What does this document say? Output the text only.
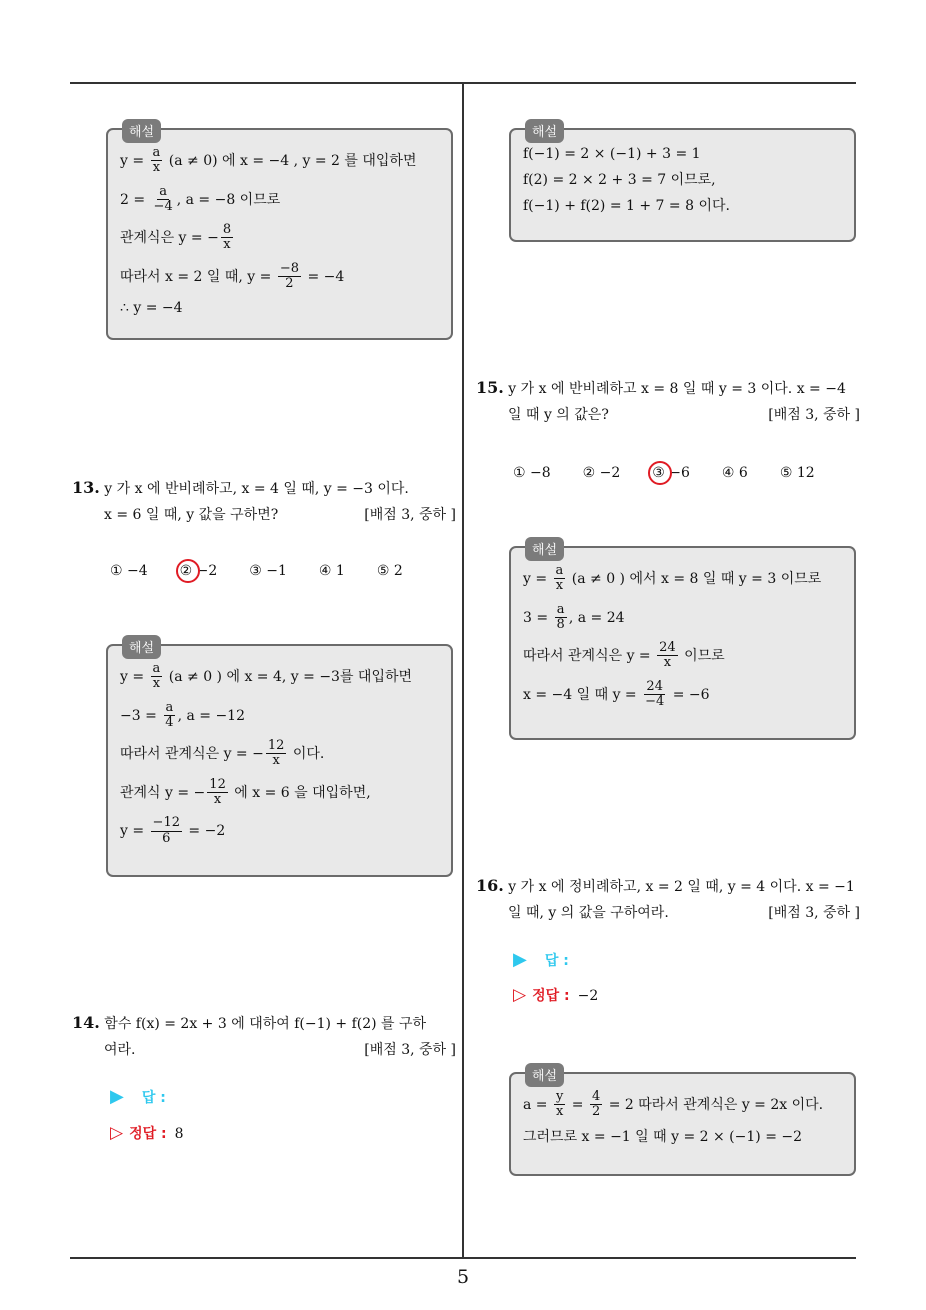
해설
$y = \frac{a}{x} (a \ne 0)$ 에 x = −4 , y = 2 를 대입하면
$2 = \frac{a}{-4}$ , a = −8 이므로
관계식은 y = − $\frac{8}{x}$
따라서 x = 2 일 때, $y = \frac{-8}{2} = -4$
∴ y = −4
13. y 가 x 에 반비례하고, x = 4 일 때, y = −3 이다.
x = 6 일 때, y 값을 구하면?	[배점 3, 중하 ]
① −4 ② −2 ③ −1 ④ 1 ⑤ 2
해설
$y = \frac{a}{x} (a \ne 0$ ) 에 x = 4, y = −3를 대입하면
$-3 = \frac{a}{4}$ , a = −12
따라서 관계식은 y = − $\frac{12}{x}$ 이다.
관계식 y = − $\frac{12}{x}$ 에 x = 6 을 대입하면,
$y = \frac{-12}{6} = -2$
14. 함수 f(x) = 2x + 3 에 대하여 f(−1) + f(2) 를 구하
여라.	[배점 3, 중하 ]
▶ 답 :
▷ 정답 : 8
해설
f(−1) = 2 × (−1) + 3 = 1
f(2) = 2 × 2 + 3 = 7 이므로,
f(−1) + f(2) = 1 + 7 = 8 이다.
15. y 가 x 에 반비례하고 x = 8 일 때 y = 3 이다. x = −4
일 때 y 의 값은?	[배점 3, 중하 ]
① −8 ② −2 ③ −6 ④ 6 ⑤ 12
해설
$y = \frac{a}{x} (a \ne 0$ ) 에서 x = 8 일 때 y = 3 이므로
$3 = \frac{a}{8}$ , a = 24
따라서 관계식은 $y = \frac{24}{x}$ 이므로
x = −4 일 때 $y = \frac{24}{-4} = -6$
16. y 가 x 에 정비례하고, x = 2 일 때, y = 4 이다. x = −1
일 때, y 의 값을 구하여라.	[배점 3, 중하 ]
▶ 답 :
▷ 정답 : −2
해설
$a = \frac{y}{x} = \frac{4}{2} = 2$ 따라서 관계식은 y = 2x 이다.
그러므로 x = −1 일 때 y = 2 × (−1) = −2
5
